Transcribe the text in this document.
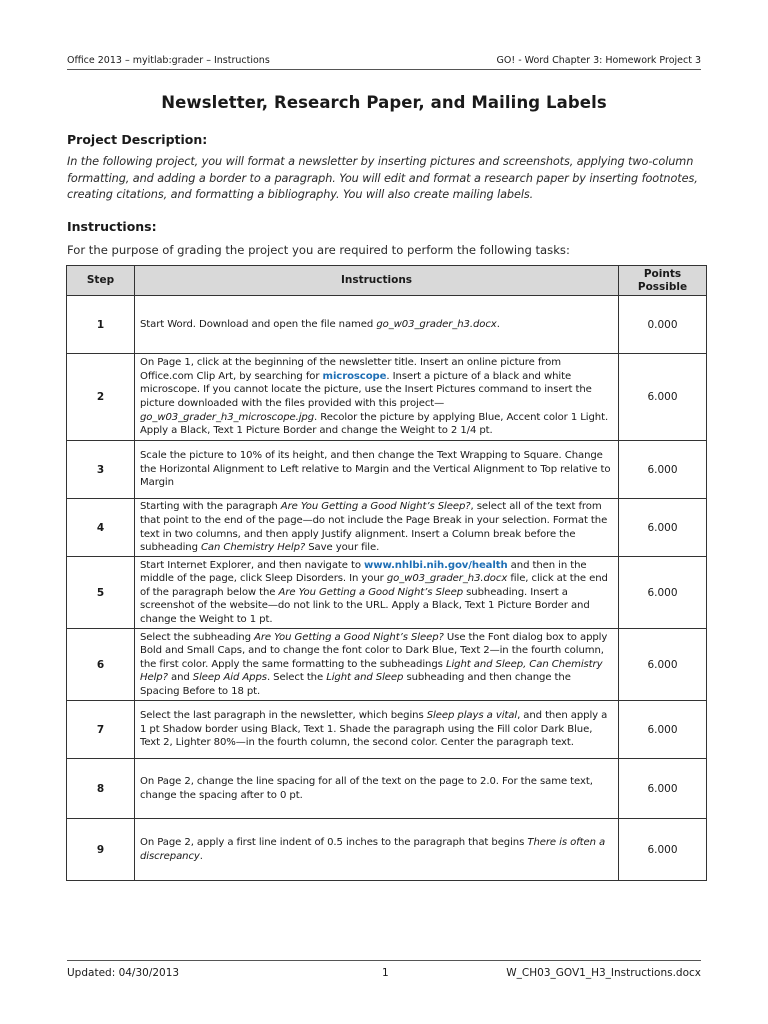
Office 2013 – myitlab:grader – Instructions	GO! - Word Chapter 3: Homework Project 3
Newsletter, Research Paper, and Mailing Labels
Project Description:
In the following project, you will format a newsletter by inserting pictures and screenshots, applying two-column formatting, and adding a border to a paragraph. You will edit and format a research paper by inserting footnotes, creating citations, and formatting a bibliography. You will also create mailing labels.
Instructions:
For the purpose of grading the project you are required to perform the following tasks:
Step	Instructions	Points
Possible
1	Start Word. Download and open the file named go_w03_grader_h3.docx.	0.000
2	On Page 1, click at the beginning of the newsletter title. Insert an online picture from Office.com Clip Art, by searching for microscope. Insert a picture of a black and white microscope. If you cannot locate the picture, use the Insert Pictures command to insert the picture downloaded with the files provided with this project—go_w03_grader_h3_microscope.jpg. Recolor the picture by applying Blue, Accent color 1 Light. Apply a Black, Text 1 Picture Border and change the Weight to 2 1/4 pt.	6.000
3	Scale the picture to 10% of its height, and then change the Text Wrapping to Square. Change the Horizontal Alignment to Left relative to Margin and the Vertical Alignment to Top relative to Margin	6.000
4	Starting with the paragraph Are You Getting a Good Night’s Sleep?, select all of the text from that point to the end of the page—do not include the Page Break in your selection. Format the text in two columns, and then apply Justify alignment. Insert a Column break before the subheading Can Chemistry Help? Save your file.	6.000
5	Start Internet Explorer, and then navigate to www.nhlbi.nih.gov/health and then in the middle of the page, click Sleep Disorders. In your go_w03_grader_h3.docx file, click at the end of the paragraph below the Are You Getting a Good Night’s Sleep subheading. Insert a screenshot of the website—do not link to the URL. Apply a Black, Text 1 Picture Border and change the Weight to 1 pt.	6.000
6	Select the subheading Are You Getting a Good Night’s Sleep? Use the Font dialog box to apply Bold and Small Caps, and to change the font color to Dark Blue, Text 2—in the fourth column, the first color. Apply the same formatting to the subheadings Light and Sleep, Can Chemistry Help? and Sleep Aid Apps. Select the Light and Sleep subheading and then change the Spacing Before to 18 pt.	6.000
7	Select the last paragraph in the newsletter, which begins Sleep plays a vital, and then apply a 1 pt Shadow border using Black, Text 1. Shade the paragraph using the Fill color Dark Blue, Text 2, Lighter 80%—in the fourth column, the second color. Center the paragraph text.	6.000
8	On Page 2, change the line spacing for all of the text on the page to 2.0. For the same text, change the spacing after to 0 pt.	6.000
9	On Page 2, apply a first line indent of 0.5 inches to the paragraph that begins There is often a discrepancy.	6.000
Updated: 04/30/2013	1	W_CH03_GOV1_H3_Instructions.docx
